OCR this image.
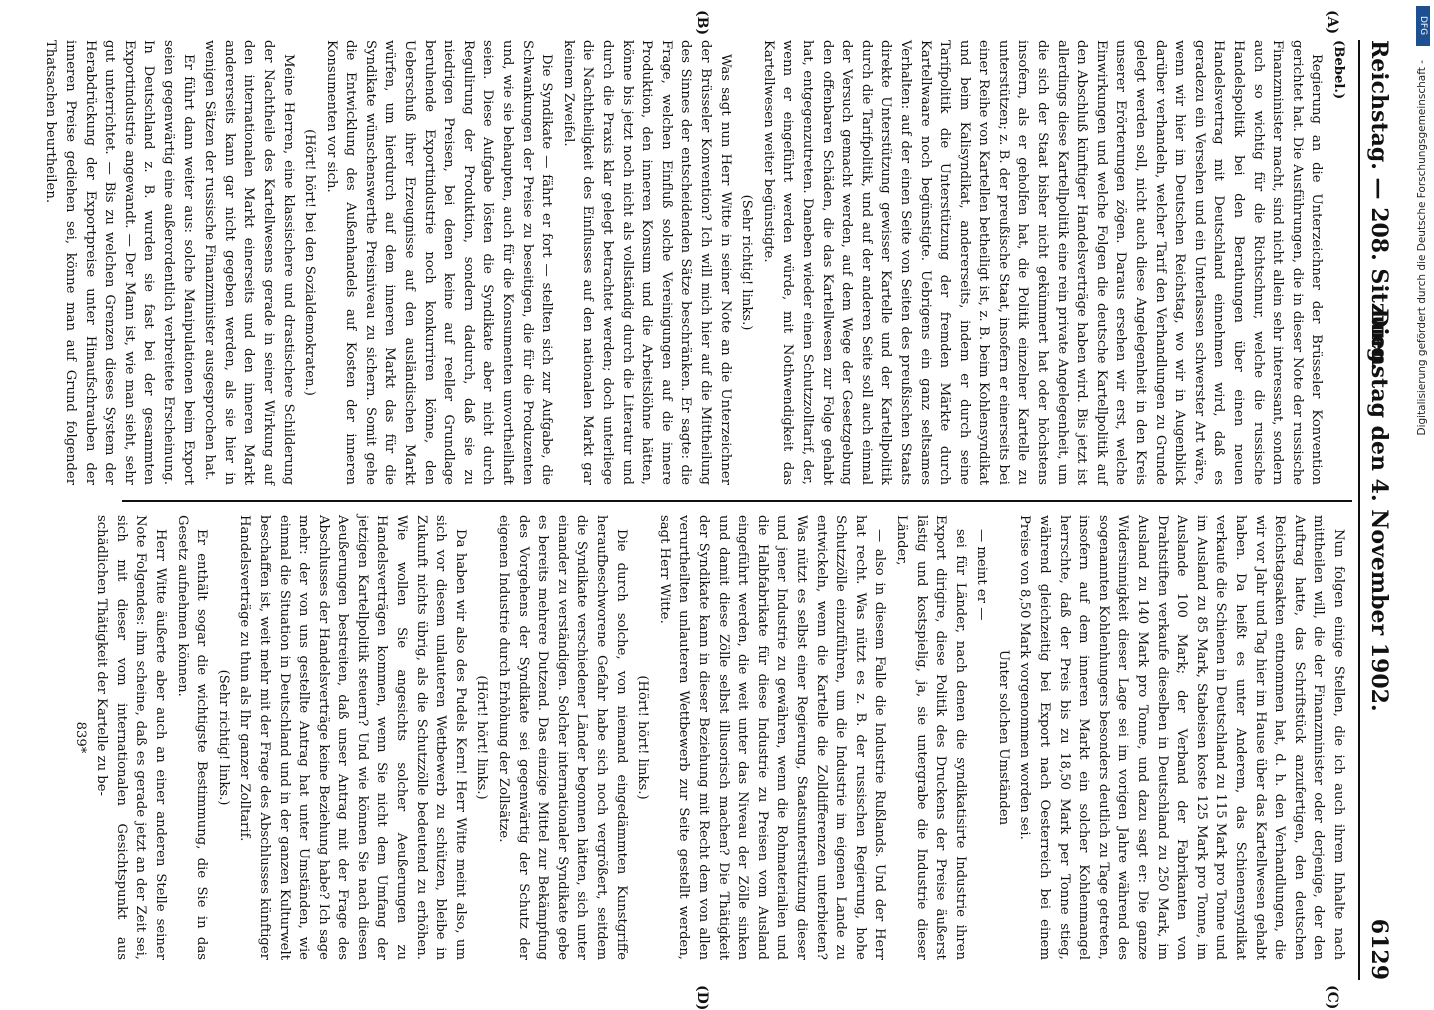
Reichstag. — 208. Sitzung.
Dienstag den 4. November 1902.
6129

(Bebel.)

Regierung an die Unterzeichner der Brüsseler Konvention gerichtet hat. Die Ausführungen, die in dieser Note der russische Finanzminister macht, sind nicht allein sehr interessant, sondern auch so wichtig für die Richtschnur, welche die russische Handelspolitik bei den Berathungen über einen neuen Handelsvertrag mit Deutschland einnehmen wird, daß es geradezu ein Versehen und ein Unterlassen schwerster Art wäre, wenn wir hier im Deutschen Reichstag, wo wir in Augenblick darüber verhandeln, welcher Tarif den Verhandlungen zu Grunde gelegt werden soll, nicht auch diese Angelegenheit in den Kreis unserer Erörterungen zögen. Daraus ersehen wir erst, welche Einwirkungen und welche Folgen die deutsche Kartellpolitik auf den Abschluß künftiger Handelsverträge haben wird. Bis jetzt ist allerdings diese Kartellpolitik eine rein private Angelegenheit, um die sich der Staat bisher nicht gekümmert hat oder höchstens insofern, als er geholfen hat, die Politik einzelner Kartelle zu unterstützen; z. B. der preußische Staat, insofern er einerseits bei einer Reihe von Kartellen betheiligt ist, z. B. beim Kohlensyndikat und beim Kalisyndikat, andererseits, indem er durch seine Tarifpolitik die Unterstützung der fremden Märkte durch Kartellwaare noch begünstigte. Uebrigens ein ganz seltsames Verhalten: auf der einen Seite von Seiten des preußischen Staats direkte Unterstützung gewisser Kartelle und der Kartellpolitik durch die Tarifpolitik, und auf der anderen Seite soll auch einmal der Versuch gemacht werden, auf dem Wege der Gesetzgebung den offenbaren Schäden, die das Kartellwesen zur Folge gehabt hat, entgegenzutreten. Daneben wieder einen Schutzzolltarif, der, wenn er eingeführt werden würde, mit Nothwendigkeit das Kartellwesen weiter begünstigte.

(Sehr richtig! links.)

Was sagt nun Herr Witte in seiner Note an die Unterzeichner der Brüsseler Konvention? Ich will mich hier auf die Mittheilung des Sinnes der entscheidenden Sätze beschränken. Er sagte: die Frage, welchen Einfluß solche Vereinigungen auf die innere Produktion, den inneren Konsum und die Arbeitslöhne hätten, könne bis jetzt noch nicht als vollständig durch die Literatur und durch die Praxis klar gelegt betrachtet werden; doch unterliege die Nachtheiligkeit des Einflusses auf den nationalen Markt gar keinem Zweifel.

Die Syndikate — fährt er fort — stellten sich zur Aufgabe, die Schwankungen der Preise zu beseitigen, die für die Produzenten und, wie sie behaupten, auch für die Konsumenten unvortheilhaft seien. Diese Aufgabe lösten die Syndikate aber nicht durch Regulirung der Produktion, sondern dadurch, daß sie zu niedrigen Preisen, bei denen keine auf reeller Grundlage beruhende Exportindustrie noch konkurriren könne, den Ueberschuß ihrer Erzeugnisse auf den ausländischen Markt würfen, um hierdurch auf dem inneren Markt das für die Syndikate wünschenswerthe Preisniveau zu sichern. Somit gehe die Entwicklung des Außenhandels auf Kosten der inneren Konsumenten vor sich.

(Hört! hört! bei den Sozialdemokraten.)

Meine Herren, eine klassischere und drastischere Schilderung der Nachtheile des Kartellwesens gerade in seiner Wirkung auf den internationalen Markt einerseits und den inneren Markt andererseits kann gar nicht gegeben werden, als sie hier in wenigen Sätzen der russische Finanzminister ausgesprochen hat.

Er führt dann weiter aus: solche Manipulationen beim Export seien gegenwärtig eine außerordentlich verbreitete Erscheinung. In Deutschland z. B. wurden sie fast bei der gesammten Exportindustrie angewandt. — Der Mann ist, wie man sieht, sehr gut unterrichtet. — Bis zu welchen Grenzen dieses System der Herabdrückung der Exportpreise unter Hinaufschrauben der inneren Preise gediehen sei, könne man auf Grund folgender Thatsachen beurtheilen.

Nun folgen einige Stellen, die ich auch ihrem Inhalte nach mittheilen will, die der Finanzminister oder derjenige, der den Auftrag hatte, das Schriftstück anzufertigen, den deutschen Reichstagsakten entnommen hat, d. h. den Verhandlungen, die wir vor Jahr und Tag hier im Hause über das Kartellwesen gehabt haben. Da heißt es unter Anderem, das Schienensyndikat verkaufe die Schienen in Deutschland zu 115 Mark pro Tonne und im Ausland zu 85 Mark, Stabeisen koste 125 Mark pro Tonne, im Auslande 100 Mark; der Verband der Fabrikanten von Drahtstiften verkaufe dieselben in Deutschland zu 250 Mark, im Ausland zu 140 Mark pro Tonne, und dazu sagt er: Die ganze Widersinnigkeit dieser Lage sei im vorigen Jahre während des sogenannten Kohlenhungers besonders deutlich zu Tage getreten, insofern auf dem inneren Markt ein solcher Kohlenmangel herrschte, daß der Preis bis zu 18,50 Mark per Tonne stieg, während gleichzeitig bei Export nach Oesterreich bei einem Preise von 8,50 Mark vorgenommen worden sei.

Unter solchen Umständen

— meint er —

sei für Länder, nach denen die syndikatisirte Industrie ihren Export dirigire, diese Politik des Druckens der Preise äußerst lästig und kostspielig, ja, sie untergrabe die Industrie dieser Länder,

— also in diesem Falle die Industrie Rußlands. Und der Herr hat recht. Was nützt es z. B. der russischen Regierung, hohe Schutzzölle einzuführen, um die Industrie im eigenen Lande zu entwickeln, wenn die Kartelle die Zolldifferenzen unterbieten? Was nützt es selbst einer Regierung, Staatsunterstützung dieser und jener Industrie zu gewähren, wenn die Rohmaterialien und die Halbfabrikate für diese Industrie zu Preisen vom Ausland eingeführt werden, die weit unter das Niveau der Zölle sinken und damit diese Zölle selbst illusorisch machen? Die Thätigkeit der Syndikate kann in dieser Beziehung mit Recht dem von allen verurtheilten unlauteren Wettbewerb zur Seite gestellt werden, sagt Herr Witte.

(Hört! hört! links.)

Die durch solche, von niemand eingedämmten Kunstgriffe heraufbeschworene Gefahr habe sich noch vergrößert, seitdem die Syndikate verschiedener Länder begonnen hätten, sich unter einander zu verständigen. Solcher internationaler Syndikate gebe es bereits mehrere Dutzend. Das einzige Mittel zur Bekämpfung des Vorgehens der Syndikate sei gegenwärtig der Schutz der eigenen Industrie durch Erhöhung der Zollsätze.

(Hört! hört! links.)

Da haben wir also des Pudels Kern! Herr Witte meint also, um sich vor diesem unlauteren Wettbewerb zu schützen, bleibe in Zukunft nichts übrig, als die Schutzzölle bedeutend zu erhöhen. Wie wollen Sie angesichts solcher Aeußerungen zu Handelsverträgen kommen, wenn Sie nicht dem Umfang der jetzigen Kartellpolitik steuern? Und wie können Sie nach diesen Aeußerungen bestreiten, daß unser Antrag mit der Frage des Abschlusses der Handelsverträge keine Beziehung habe? Ich sage mehr: der von uns gestellte Antrag hat unter Umständen, wie einmal die Situation in Deutschland und in der ganzen Kulturwelt beschaffen ist, weit mehr mit der Frage des Abschlusses künftiger Handelsverträge zu thun als Ihr ganzer Zolltarif.

(Sehr richtig! links.)

Er enthält sogar die wichtigste Bestimmung, die Sie in das Gesetz aufnehmen können.

Herr Witte äußerte aber auch an einer anderen Stelle seiner Note Folgendes: ihm scheine, daß es gerade jetzt an der Zeit sei, sich mit dieser vom internationalen Gesichtspunkt aus schädlichen Thätigkeit der Kartelle zu be-

839*

(A)
(B)
(C)
(D)
DFG
Digitalisierung gefördert durch die Deutsche Forschungsgemeinschaft -
